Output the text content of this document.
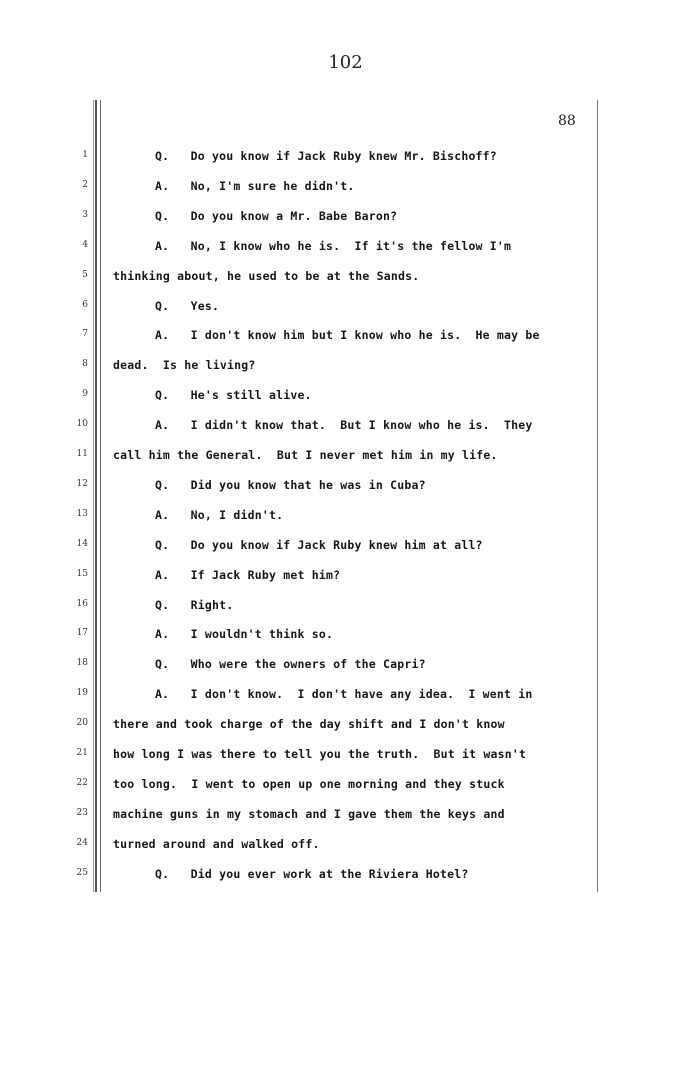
102
88
1	Q.   Do you know if Jack Ruby knew Mr. Bischoff?
2	A.   No, I'm sure he didn't.
3	Q.   Do you know a Mr. Babe Baron?
4	A.   No, I know who he is.  If it's the fellow I'm
5 thinking about, he used to be at the Sands.
6	Q.   Yes.
7	A.   I don't know him but I know who he is.  He may be
8 dead.  Is he living?
9	Q.   He's still alive.
10	A.   I didn't know that.  But I know who he is.  They
11 call him the General.  But I never met him in my life.
12	Q.   Did you know that he was in Cuba?
13	A.   No, I didn't.
14	Q.   Do you know if Jack Ruby knew him at all?
15	A.   If Jack Ruby met him?
16	Q.   Right.
17	A.   I wouldn't think so.
18	Q.   Who were the owners of the Capri?
19	A.   I don't know.  I don't have any idea.  I went in
20 there and took charge of the day shift and I don't know
21 how long I was there to tell you the truth.  But it wasn't
22 too long.  I went to open up one morning and they stuck
23 machine guns in my stomach and I gave them the keys and
24 turned around and walked off.
25	Q.   Did you ever work at the Riviera Hotel?
